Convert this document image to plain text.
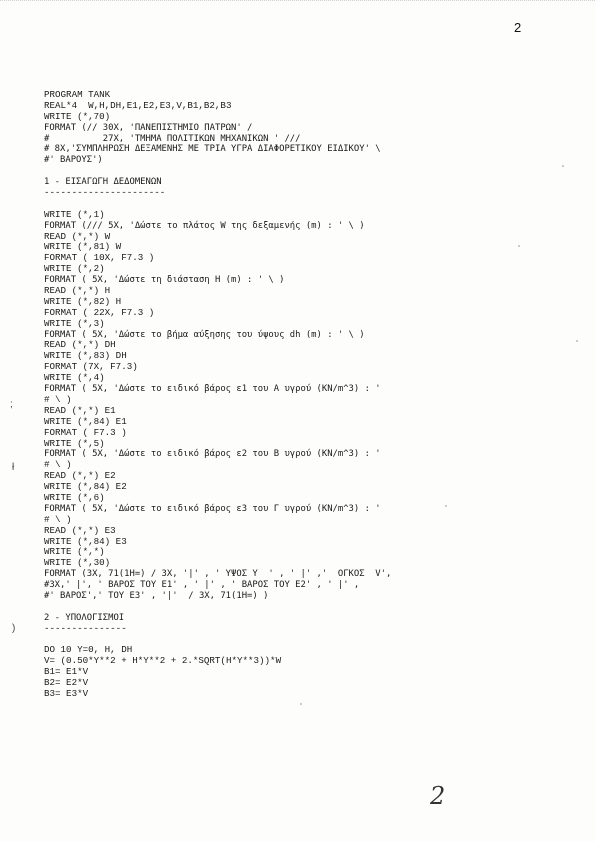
2
PROGRAM TANK
REAL*4  W,H,DH,E1,E2,E3,V,B1,B2,B3
WRITE (*,70)
FORMAT (// 30X, 'ΠΑΝΕΠΙΣΤΗΜΙΟ ΠΑΤΡΩΝ' /
#          27X, 'ΤΜΗΜΑ ΠΟΛΙΤΙΚΩΝ ΜΗΧΑΝΙΚΩΝ ' ///
# 8X,'ΣΥΜΠΛΗΡΩΣΗ ΔΕΞΑΜΕΝΗΣ ΜΕ ΤΡΙΑ ΥΓΡΑ ΔΙΑΦΟΡΕΤΙΚΟΥ ΕΙΔΙΚΟΥ' \
#' ΒΑΡΟΥΣ')
1 - ΕΙΣΑΓΩΓΗ ΔΕΔΟΜΕΝΩΝ
----------------------
WRITE (*,1)
FORMAT (/// 5X, 'Δώστε το πλάτος W της δεξαμενής (m) : ' \ )
READ (*,*) W
WRITE (*,81) W
FORMAT ( 10X, F7.3 )
WRITE (*,2)
FORMAT ( 5X, 'Δώστε τη διάσταση H (m) : ' \ )
READ (*,*) H
WRITE (*,82) H
FORMAT ( 22X, F7.3 )
WRITE (*,3)
FORMAT ( 5X, 'Δώστε το βήμα αύξησης του ύψους dh (m) : ' \ )
READ (*,*) DH
WRITE (*,83) DH
FORMAT (7X, F7.3)
WRITE (*,4)
FORMAT ( 5X, 'Δώστε το ειδικό βάρος ε1 του Α υγρού (KN/m^3) : '
# \ )
READ (*,*) E1
WRITE (*,84) E1
FORMAT ( F7.3 )
WRITE (*,5)
FORMAT ( 5X, 'Δώστε το ειδικό βάρος ε2 του Β υγρού (KN/m^3) : '
# \ )
READ (*,*) E2
WRITE (*,84) E2
WRITE (*,6)
FORMAT ( 5X, 'Δώστε το ειδικό βάρος ε3 του Γ υγρού (KN/m^3) : '
# \ )
READ (*,*) E3
WRITE (*,84) E3
WRITE (*,*)
WRITE (*,30)
FORMAT (3X, 71(1H=) / 3X, '|' , ' ΥΨΟΣ Υ  ' , ' |' ,'  ΟΓΚΟΣ  V',
#3X,' |', ' ΒΑΡΟΣ ΤΟΥ Ε1' , ' |' , ' ΒΑΡΟΣ ΤΟΥ Ε2' , ' |' ,
#' ΒΑΡΟΣ',' ΤΟΥ Ε3' , '|'  / 3X, 71(1H=) )
2 - ΥΠΟΛΟΓΙΣΜΟΙ
---------------
DO 10 Y=0, H, DH
V= (0.50*Y**2 + H*Y**2 + 2.*SQRT(H*Y**3))*W
B1= E1*V
B2= E2*V
B3= E3*V
;
ł
)
2
